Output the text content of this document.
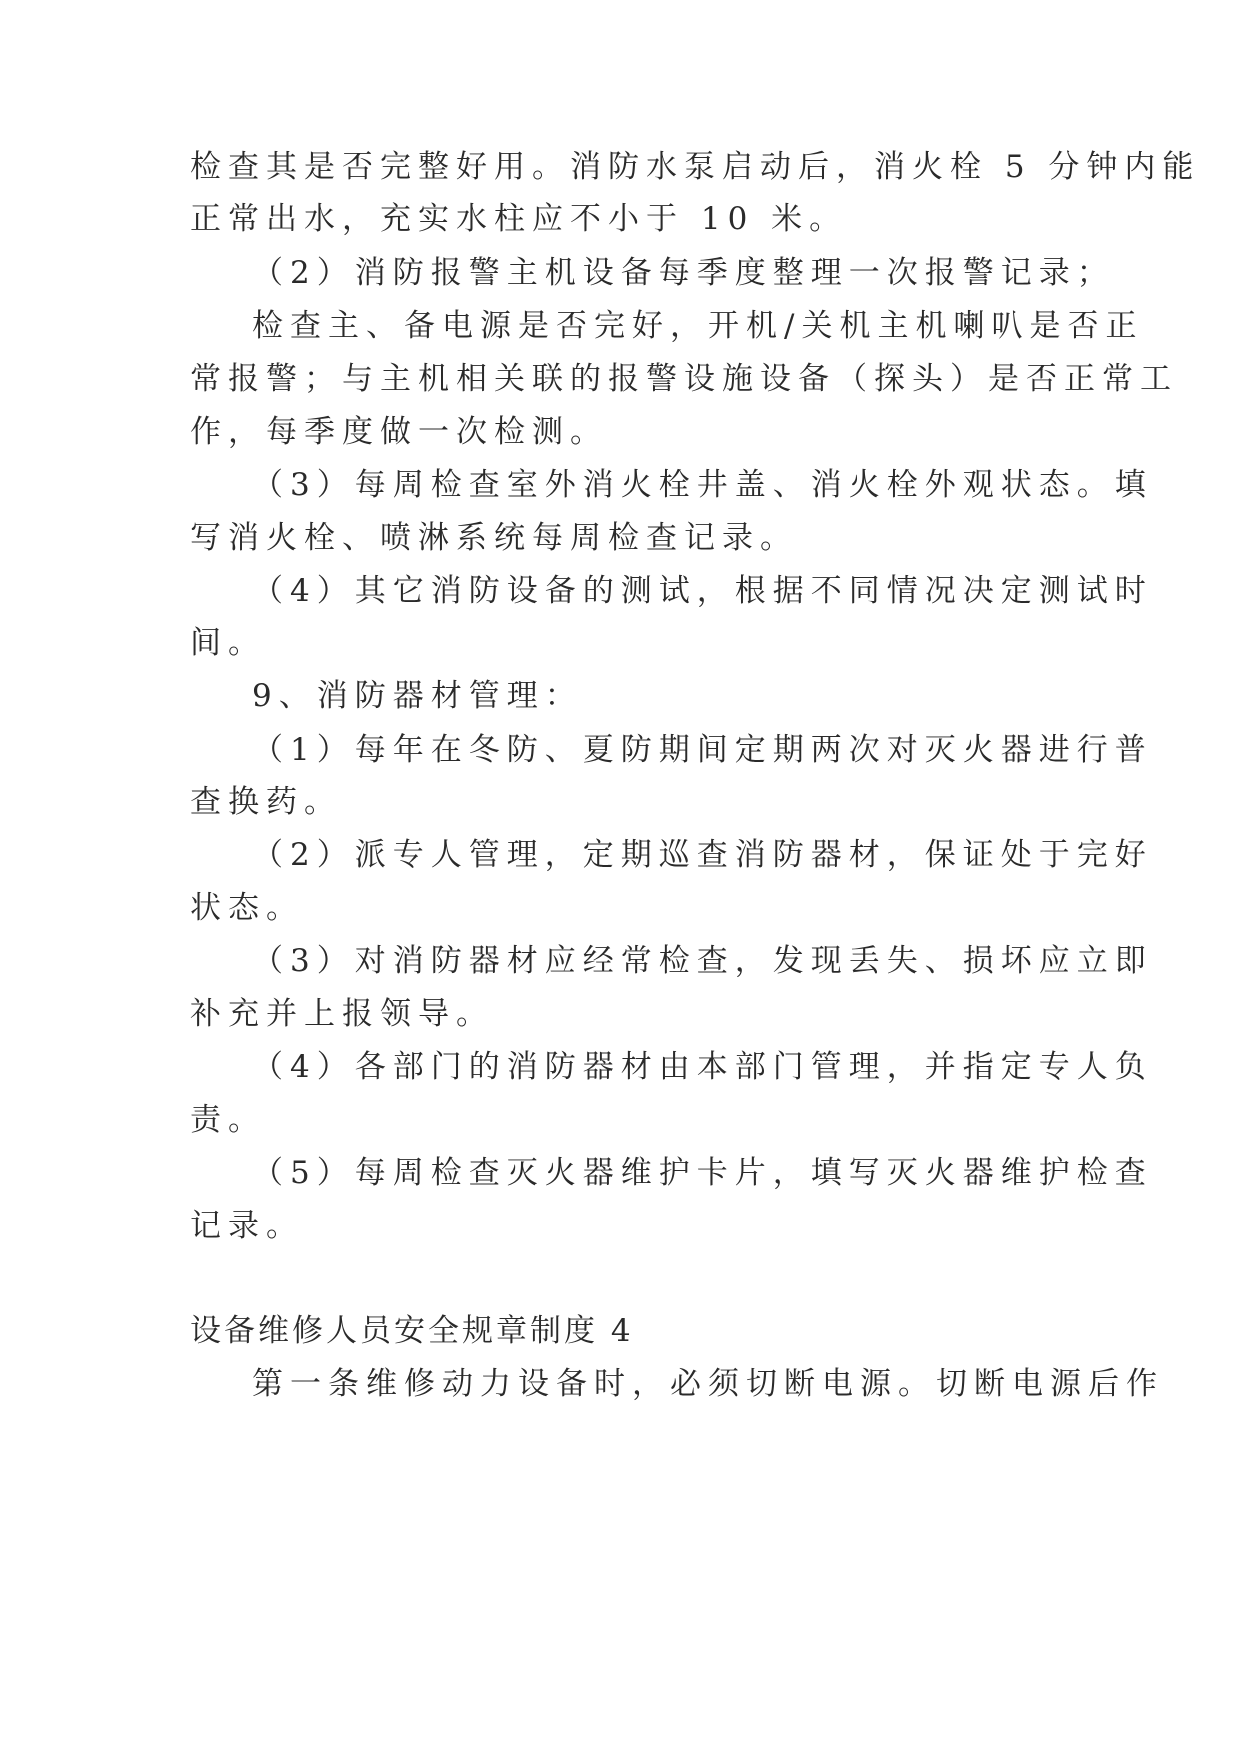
检查其是否完整好用。消防水泵启动后，消火栓 5 分钟内能
正常出水，充实水柱应不小于 10 米。
（2）消防报警主机设备每季度整理一次报警记录；
检查主、备电源是否完好，开机/关机主机喇叭是否正
常报警；与主机相关联的报警设施设备（探头）是否正常工
作，每季度做一次检测。
（3）每周检查室外消火栓井盖、消火栓外观状态。填
写消火栓、喷淋系统每周检查记录。
（4）其它消防设备的测试，根据不同情况决定测试时
间。
9、消防器材管理：
（1）每年在冬防、夏防期间定期两次对灭火器进行普
查换药。
（2）派专人管理，定期巡查消防器材，保证处于完好
状态。
（3）对消防器材应经常检查，发现丢失、损坏应立即
补充并上报领导。
（4）各部门的消防器材由本部门管理，并指定专人负
责。
（5）每周检查灭火器维护卡片，填写灭火器维护检查
记录。
设备维修人员安全规章制度 4
第一条维修动力设备时，必须切断电源。切断电源后作
